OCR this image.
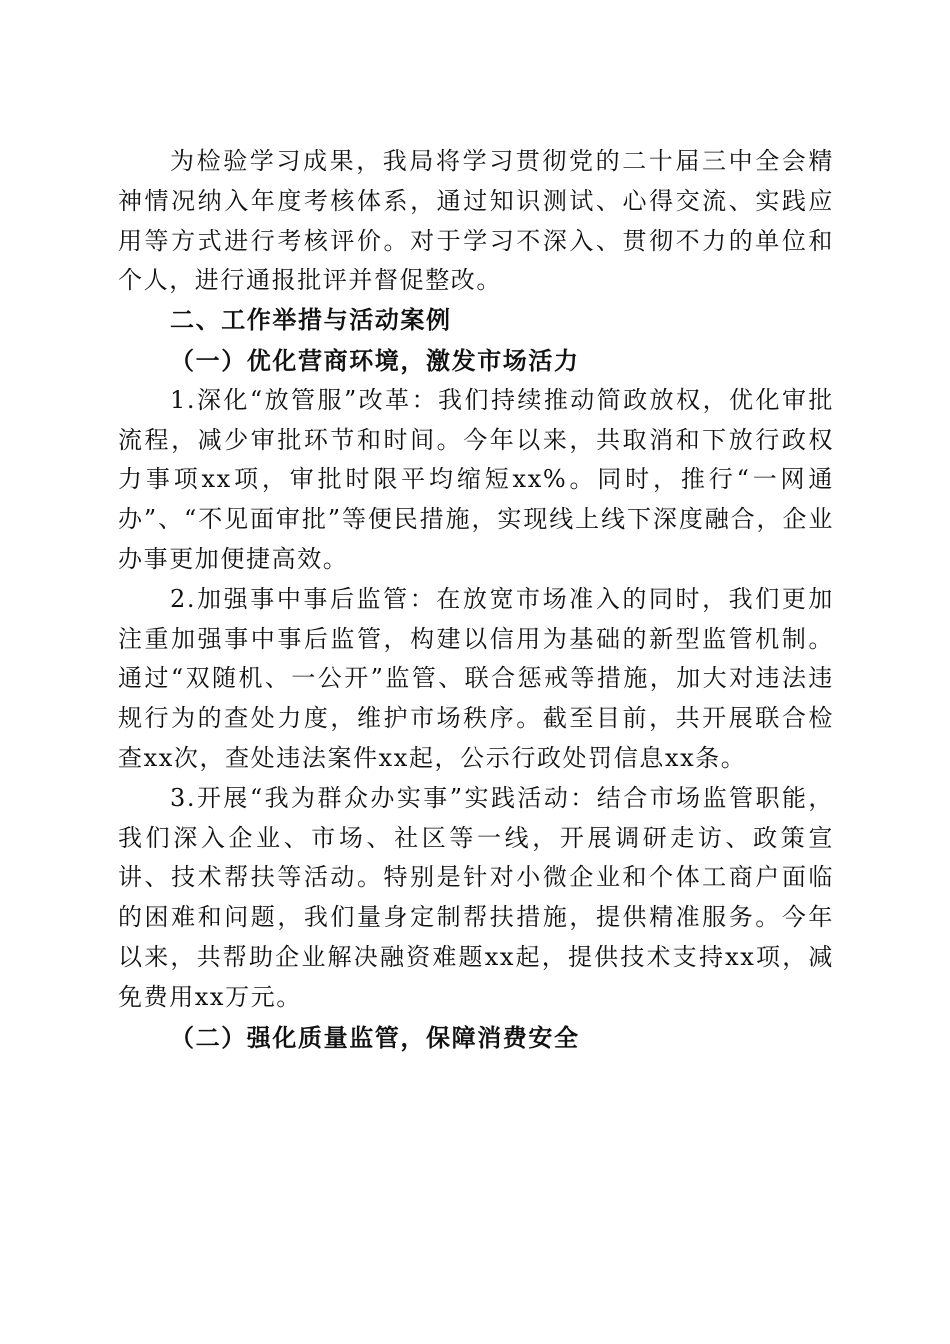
为检验学习成果，我局将学习贯彻党的二十届三中全会精神情况纳入年度考核体系，通过知识测试、心得交流、实践应用等方式进行考核评价。对于学习不深入、贯彻不力的单位和个人，进行通报批评并督促整改。

二、工作举措与活动案例

（一）优化营商环境，激发市场活力

1.深化“放管服”改革：我们持续推动简政放权，优化审批流程，减少审批环节和时间。今年以来，共取消和下放行政权力事项xx项，审批时限平均缩短xx%。同时，推行“一网通办”、“不见面审批”等便民措施，实现线上线下深度融合，企业办事更加便捷高效。

2.加强事中事后监管：在放宽市场准入的同时，我们更加注重加强事中事后监管，构建以信用为基础的新型监管机制。通过“双随机、一公开”监管、联合惩戒等措施，加大对违法违规行为的查处力度，维护市场秩序。截至目前，共开展联合检查xx次，查处违法案件xx起，公示行政处罚信息xx条。

3.开展“我为群众办实事”实践活动：结合市场监管职能，我们深入企业、市场、社区等一线，开展调研走访、政策宣讲、技术帮扶等活动。特别是针对小微企业和个体工商户面临的困难和问题，我们量身定制帮扶措施，提供精准服务。今年以来，共帮助企业解决融资难题xx起，提供技术支持xx项，减免费用xx万元。

（二）强化质量监管，保障消费安全
